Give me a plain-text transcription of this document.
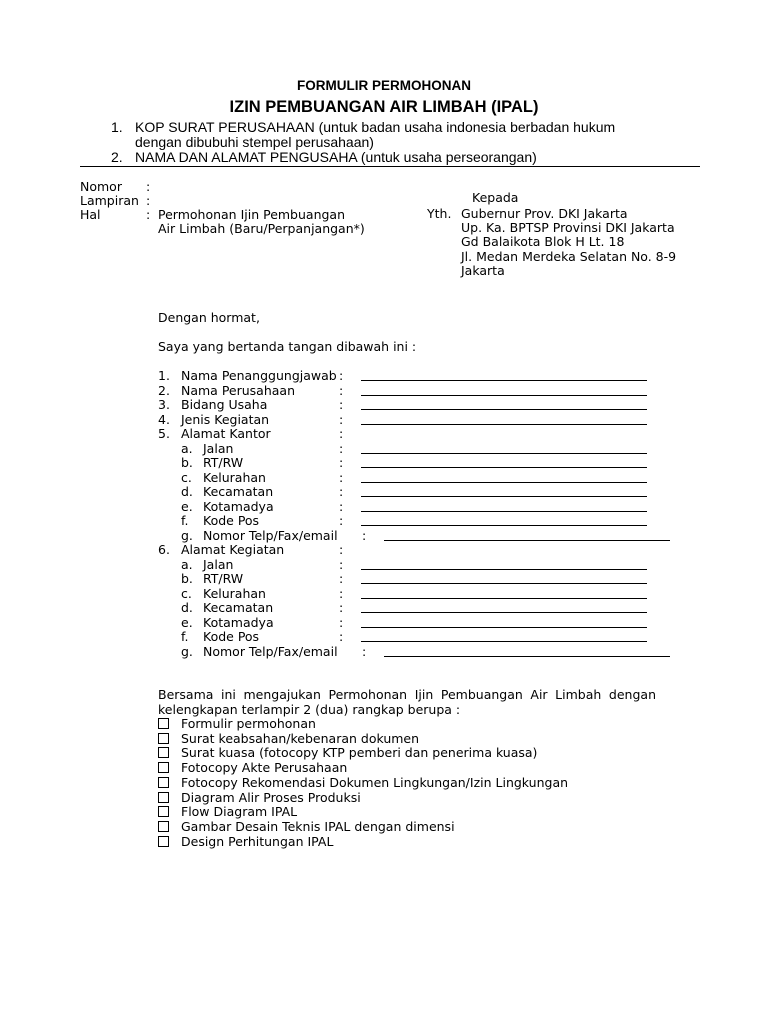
FORMULIR PERMOHONAN
IZIN PEMBUANGAN AIR LIMBAH (IPAL)
1. KOP SURAT PERUSAHAAN (untuk badan usaha indonesia berbadan hukum
dengan dibubuhi stempel perusahaan)
2. NAMA DAN ALAMAT PENGUSAHA (untuk usaha perseorangan)
Nomor :
Lampiran :
Hal	: Permohonan Ijin Pembuangan
Air Limbah (Baru/Perpanjangan*)
Kepada
Yth. Gubernur Prov. DKI Jakarta
Up. Ka. BPTSP Provinsi DKI Jakarta
Gd Balaikota Blok H Lt. 18
Jl. Medan Merdeka Selatan No. 8-9
Jakarta
Dengan hormat,
Saya yang bertanda tangan dibawah ini :
1. Nama Penanggungjawab :
2. Nama Perusahaan	:
3. Bidang Usaha	:
4. Jenis Kegiatan	:
5. Alamat Kantor	:
a. Jalan	:
b. RT/RW	:
c. Kelurahan	:
d. Kecamatan	:
e. Kotamadya	:
f. Kode Pos	:
g. Nomor Telp/Fax/email :
6. Alamat Kegiatan	:
a. Jalan	:
b. RT/RW	:
c. Kelurahan	:
d. Kecamatan	:
e. Kotamadya	:
f. Kode Pos	:
g. Nomor Telp/Fax/email :
Bersama ini mengajukan Permohonan Ijin Pembuangan Air Limbah dengan kelengkapan terlampir 2 (dua) rangkap berupa :
Formulir permohonan
Surat keabsahan/kebenaran dokumen
Surat kuasa (fotocopy KTP pemberi dan penerima kuasa)
Fotocopy Akte Perusahaan
Fotocopy Rekomendasi Dokumen Lingkungan/Izin Lingkungan
Diagram Alir Proses Produksi
Flow Diagram IPAL
Gambar Desain Teknis IPAL dengan dimensi
Design Perhitungan IPAL
